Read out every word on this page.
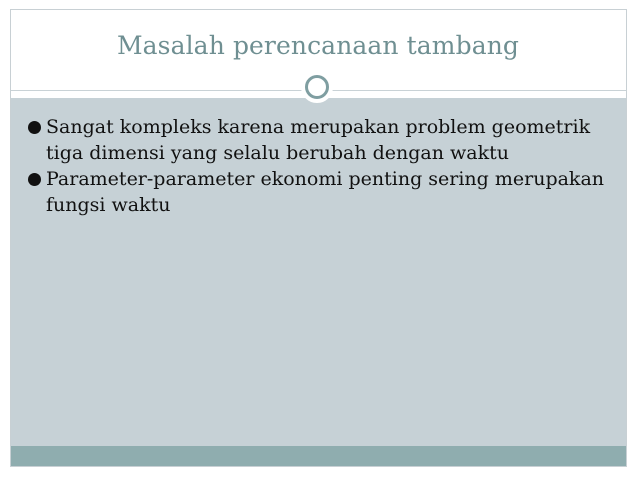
Masalah perencanaan tambang
Sangat kompleks karena merupakan problem geometrik tiga dimensi yang selalu berubah dengan waktu
Parameter-parameter ekonomi penting sering merupakan fungsi waktu
